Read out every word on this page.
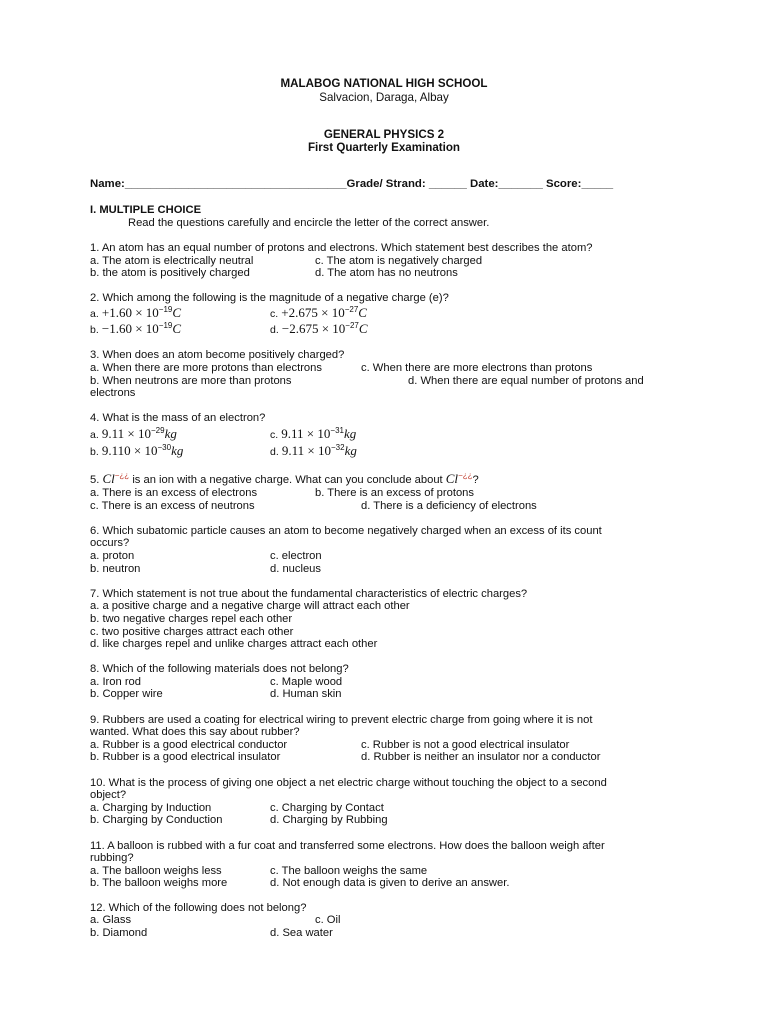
MALABOG NATIONAL HIGH SCHOOL
Salvacion, Daraga, Albay
GENERAL PHYSICS 2
First Quarterly Examination
Name:___________________________________Grade/ Strand: ______ Date:_______ Score:_____
I. MULTIPLE CHOICE
Read the questions carefully and encircle the letter of the correct answer.
1. An atom has an equal number of protons and electrons. Which statement best describes the atom?
a. The atom is electrically neutral	c. The atom is negatively charged
b. the atom is positively charged	d. The atom has no neutrons
2. Which among the following is the magnitude of a negative charge (e)?
a. $+1.60 \times 10^{-19}C$	c. $+2.675 \times 10^{-27}C$
b. $-1.60 \times 10^{-19}C$	d. $-2.675 \times 10^{-27}C$
3. When does an atom become positively charged?
a. When there are more protons than electrons	c. When there are more electrons than protons
b. When neutrons are more than protons	d. When there are equal number of protons and
electrons
4. What is the mass of an electron?
a. $9.11 \times 10^{-29}kg$	c. $9.11 \times 10^{-31}kg$
b. $9.110 \times 10^{-30}kg$	d. $9.11 \times 10^{-32}kg$
5. Cl−¿¿ is an ion with a negative charge. What can you conclude about Cl−¿¿?
a. There is an excess of electrons	b. There is an excess of protons
c. There is an excess of neutrons	d. There is a deficiency of electrons
6. Which subatomic particle causes an atom to become negatively charged when an excess of its count
occurs?
a. proton	c. electron
b. neutron	d. nucleus
7. Which statement is not true about the fundamental characteristics of electric charges?
a. a positive charge and a negative charge will attract each other
b. two negative charges repel each other
c. two positive charges attract each other
d. like charges repel and unlike charges attract each other
8. Which of the following materials does not belong?
a. Iron rod	c. Maple wood
b. Copper wire	d. Human skin
9. Rubbers are used a coating for electrical wiring to prevent electric charge from going where it is not
wanted. What does this say about rubber?
a. Rubber is a good electrical conductor	c. Rubber is not a good electrical insulator
b. Rubber is a good electrical insulator	d. Rubber is neither an insulator nor a conductor
10. What is the process of giving one object a net electric charge without touching the object to a second
object?
a. Charging by Induction	c. Charging by Contact
b. Charging by Conduction	d. Charging by Rubbing
11. A balloon is rubbed with a fur coat and transferred some electrons. How does the balloon weigh after
rubbing?
a. The balloon weighs less	c. The balloon weighs the same
b. The balloon weighs more	d. Not enough data is given to derive an answer.
12. Which of the following does not belong?
a. Glass	c. Oil
b. Diamond	d. Sea water
